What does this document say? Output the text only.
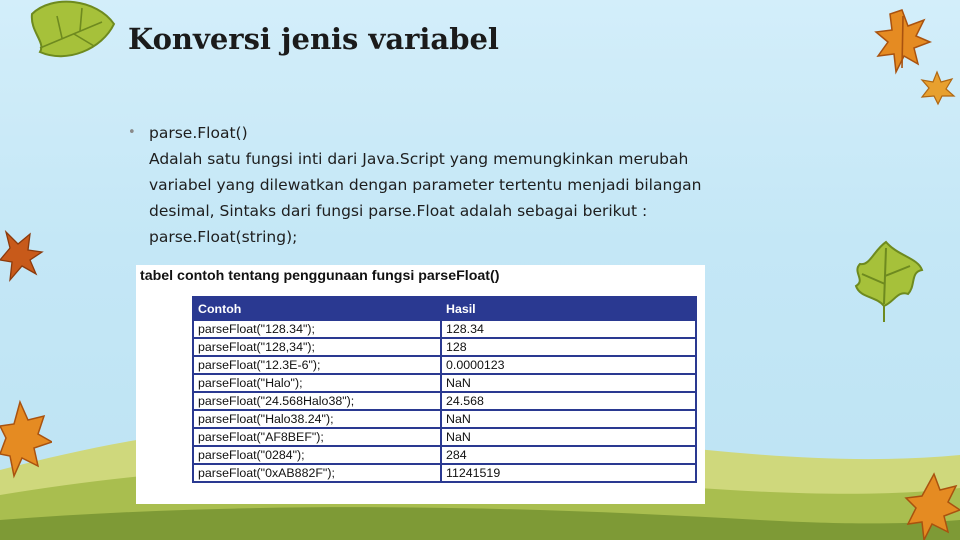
Konversi jenis variabel
• parse.Float()
Adalah satu fungsi inti dari Java.Script yang memungkinkan merubah
variabel yang dilewatkan dengan parameter tertentu menjadi bilangan
desimal, Sintaks dari fungsi parse.Float adalah sebagai berikut :
parse.Float(string);

tabel contoh tentang penggunaan fungsi parseFloat()

Contoh	Hasil
parseFloat("128.34");	128.34
parseFloat("128,34");	128
parseFloat("12.3E-6");	0.0000123
parseFloat("Halo");	NaN
parseFloat("24.568Halo38");	24.568
parseFloat("Halo38.24");	NaN
parseFloat("AF8BEF");	NaN
parseFloat("0284");	284
parseFloat("0xAB882F");	11241519
